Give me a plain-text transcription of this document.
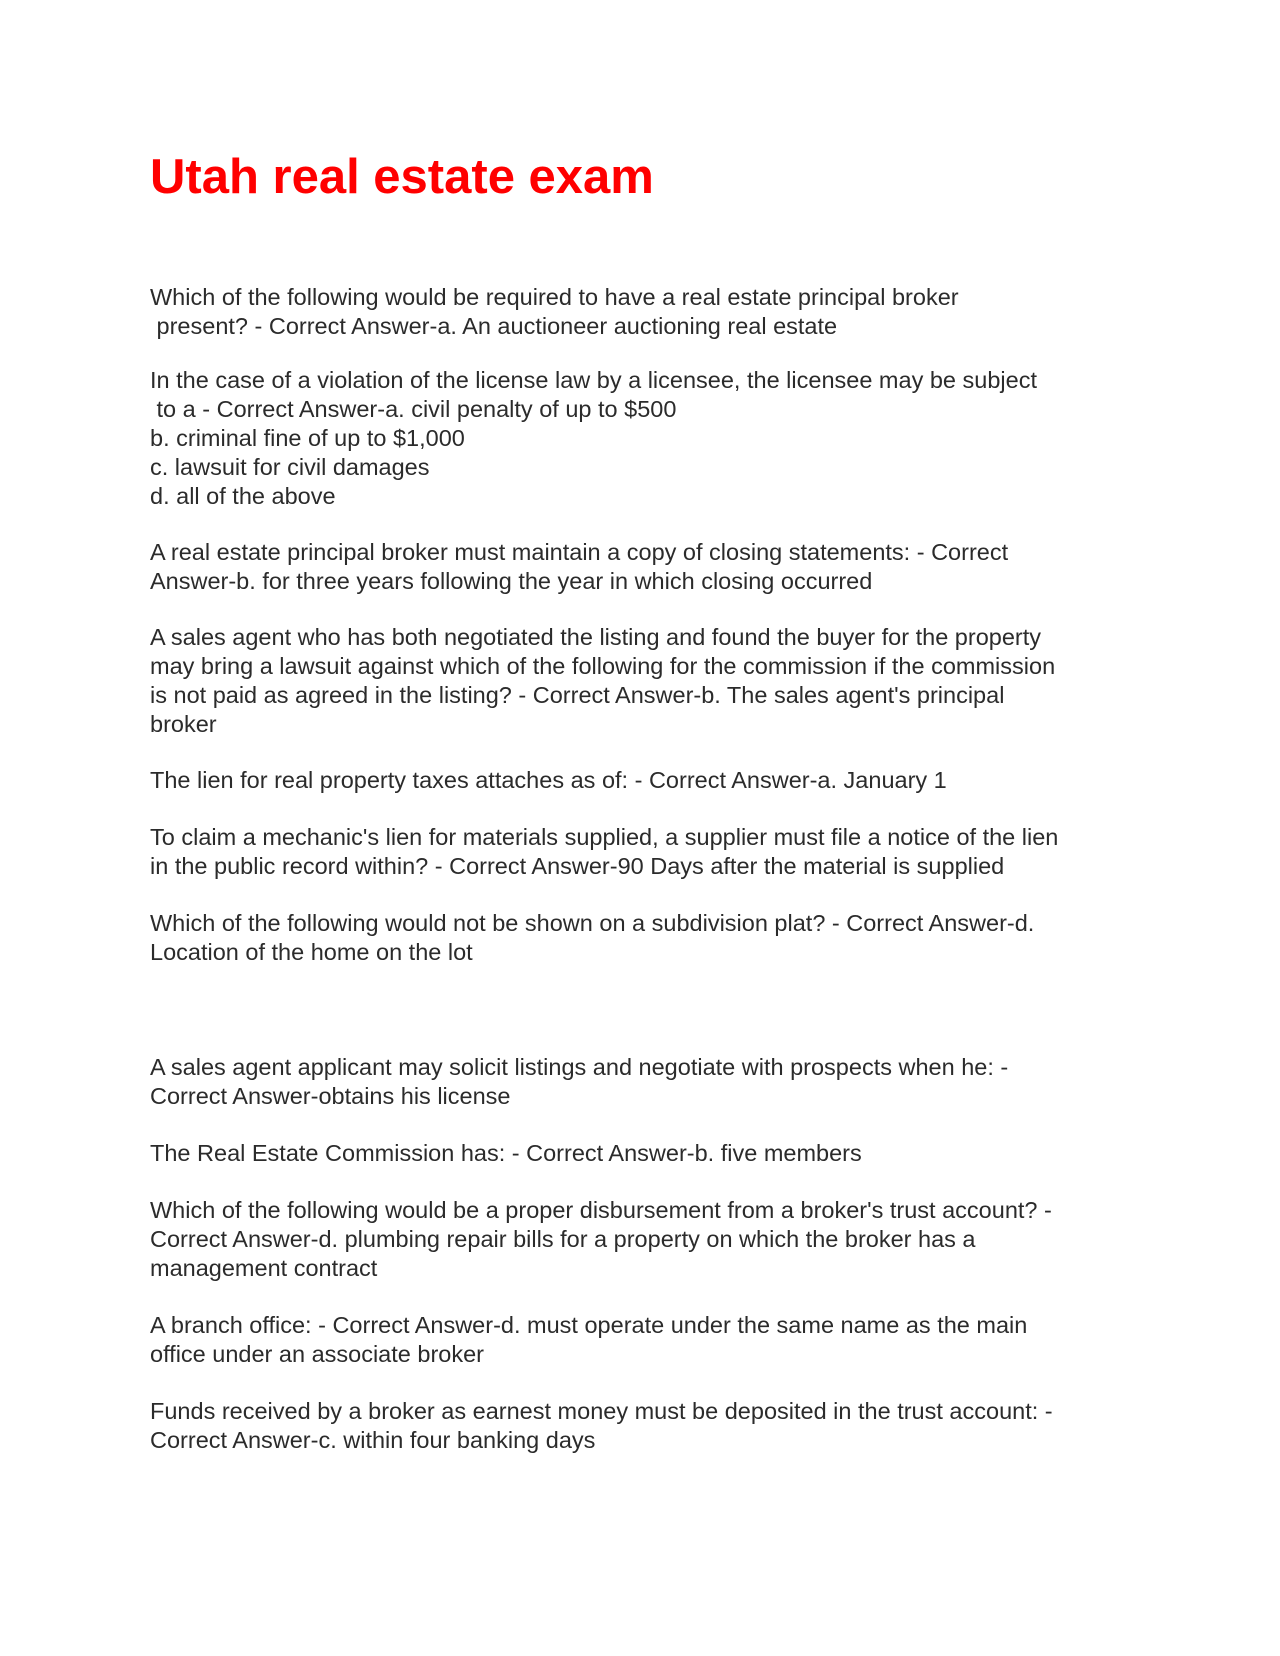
Utah real estate exam

Which of the following would be required to have a real estate principal broker
present? - Correct Answer-a. An auctioneer auctioning real estate

In the case of a violation of the license law by a licensee, the licensee may be subject
to a - Correct Answer-a. civil penalty of up to $500
b. criminal fine of up to $1,000
c. lawsuit for civil damages
d. all of the above

A real estate principal broker must maintain a copy of closing statements: - Correct
Answer-b. for three years following the year in which closing occurred

A sales agent who has both negotiated the listing and found the buyer for the property
may bring a lawsuit against which of the following for the commission if the commission
is not paid as agreed in the listing? - Correct Answer-b. The sales agent's principal
broker

The lien for real property taxes attaches as of: - Correct Answer-a. January 1

To claim a mechanic's lien for materials supplied, a supplier must file a notice of the lien
in the public record within? - Correct Answer-90 Days after the material is supplied

Which of the following would not be shown on a subdivision plat? - Correct Answer-d.
Location of the home on the lot

A sales agent applicant may solicit listings and negotiate with prospects when he: -
Correct Answer-obtains his license

The Real Estate Commission has: - Correct Answer-b. five members

Which of the following would be a proper disbursement from a broker's trust account? -
Correct Answer-d. plumbing repair bills for a property on which the broker has a
management contract

A branch office: - Correct Answer-d. must operate under the same name as the main
office under an associate broker

Funds received by a broker as earnest money must be deposited in the trust account: -
Correct Answer-c. within four banking days
